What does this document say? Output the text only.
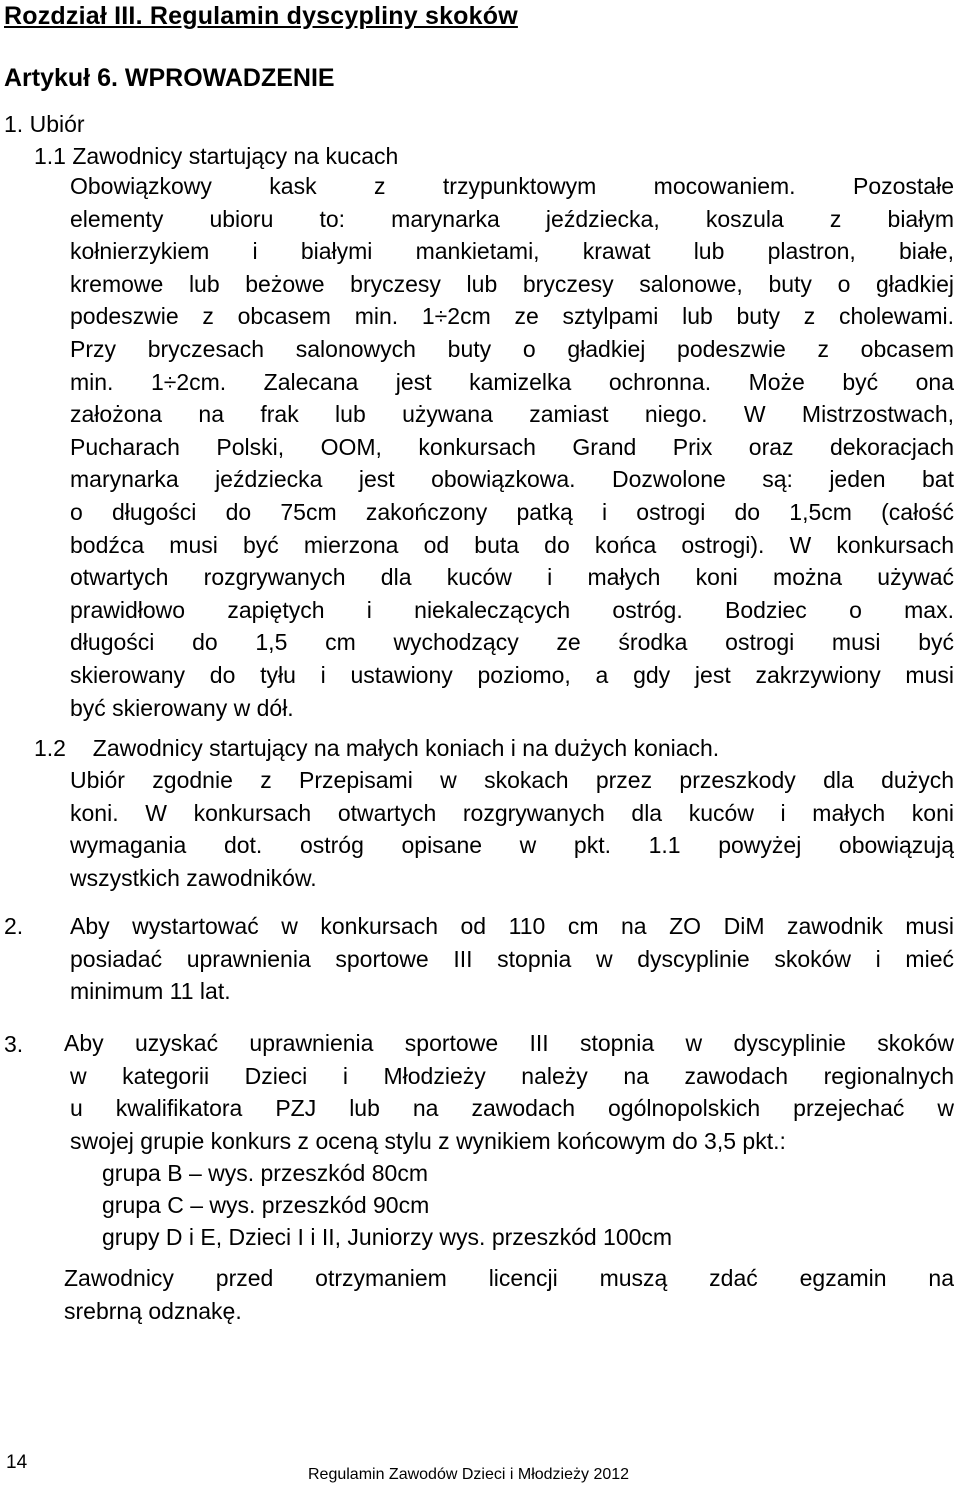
Rozdział III. Regulamin dyscypliny skoków
Artykuł 6. WPROWADZENIE
1. Ubiór
1.1 Zawodnicy startujący na kucach
Obowiązkowy kask z trzypunktowym mocowaniem. Pozostałe
elementy ubioru to: marynarka jeździecka, koszula z białym
kołnierzykiem i białymi mankietami, krawat lub plastron, białe,
kremowe lub beżowe bryczesy lub bryczesy salonowe, buty o gładkiej
podeszwie z obcasem min. 1÷2cm ze sztylpami lub buty z cholewami.
Przy bryczesach salonowych buty o gładkiej podeszwie z obcasem
min. 1÷2cm. Zalecana jest kamizelka ochronna. Może być ona
założona na frak lub używana zamiast niego. W Mistrzostwach,
Pucharach Polski, OOM, konkursach Grand Prix oraz dekoracjach
marynarka jeździecka jest obowiązkowa. Dozwolone są: jeden bat
o długości do 75cm zakończony patką i ostrogi do 1,5cm (całość
bodźca musi być mierzona od buta do końca ostrogi). W konkursach
otwartych rozgrywanych dla kuców i małych koni można używać
prawidłowo zapiętych i niekaleczących ostróg. Bodziec o max.
długości do 1,5 cm wychodzący ze środka ostrogi musi być
skierowany do tyłu i ustawiony poziomo, a gdy jest zakrzywiony musi
być skierowany w dół.
1.2 Zawodnicy startujący na małych koniach i na dużych koniach.
Ubiór zgodnie z Przepisami w skokach przez przeszkody dla dużych
koni. W konkursach otwartych rozgrywanych dla kuców i małych koni
wymagania dot. ostróg opisane w pkt. 1.1 powyżej obowiązują
wszystkich zawodników.
2. Aby wystartować w konkursach od 110 cm na ZO DiM zawodnik musi
posiadać uprawnienia sportowe III stopnia w dyscyplinie skoków i mieć
minimum 11 lat.
3. Aby uzyskać uprawnienia sportowe III stopnia w dyscyplinie skoków
w kategorii Dzieci i Młodzieży należy na zawodach regionalnych
u kwalifikatora PZJ lub na zawodach ogólnopolskich przejechać w
swojej grupie konkurs z oceną stylu z wynikiem końcowym do 3,5 pkt.:
grupa B – wys. przeszkód 80cm
grupa C – wys. przeszkód 90cm
grupy D i E, Dzieci I i II, Juniorzy wys. przeszkód 100cm
Zawodnicy przed otrzymaniem licencji muszą zdać egzamin na
srebrną odznakę.
14
Regulamin Zawodów Dzieci i Młodzieży 2012
